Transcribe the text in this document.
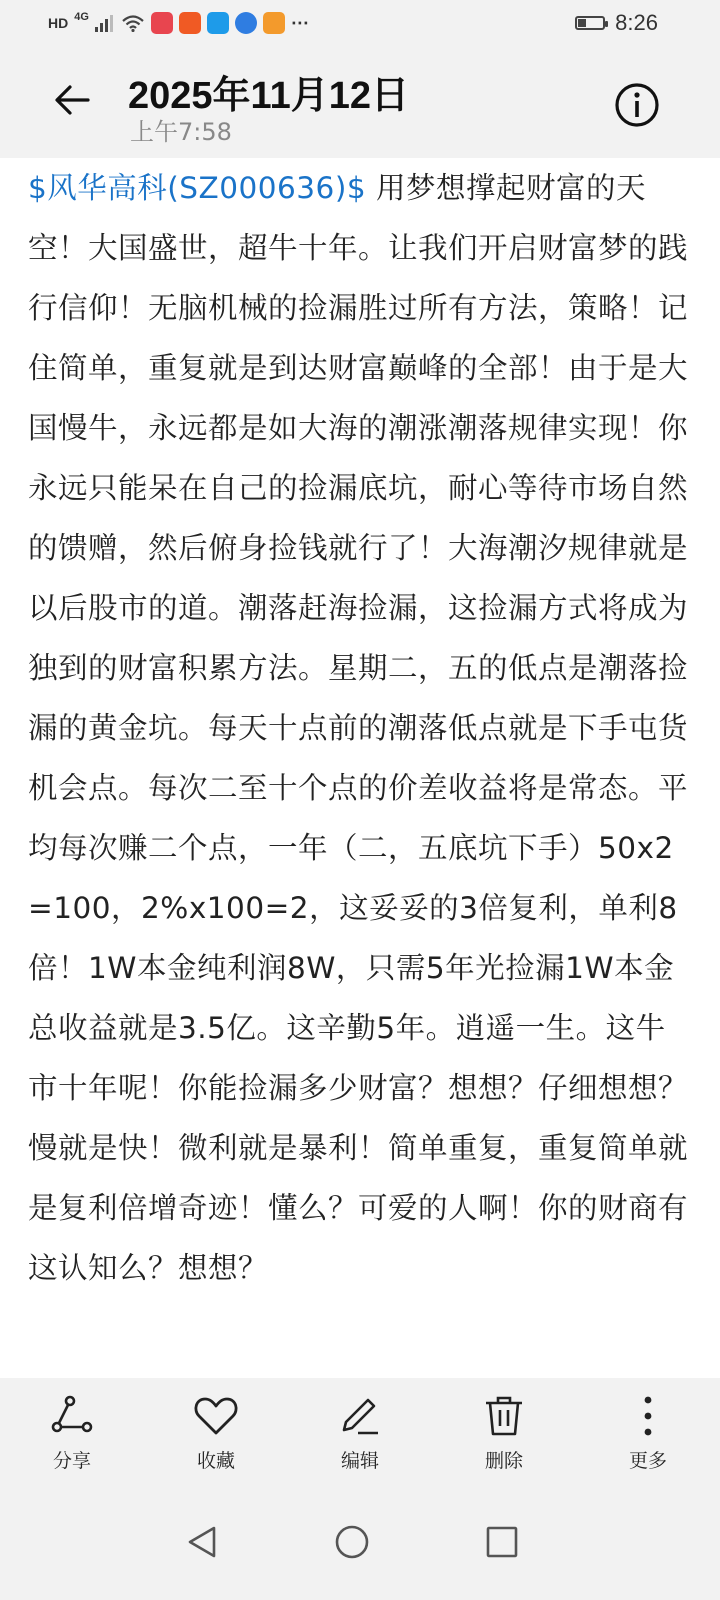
HD 4G	⋯	8:26
2025年11月12日
上午7:58

$风华高科(SZ000636)$ 用梦想撑起财富的天空！大国盛世，超牛十年。让我们开启财富梦的践行信仰！无脑机械的捡漏胜过所有方法，策略！记住简单，重复就是到达财富巅峰的全部！由于是大国慢牛，永远都是如大海的潮涨潮落规律实现！你永远只能呆在自己的捡漏底坑，耐心等待市场自然的馈赠，然后俯身捡钱就行了！大海潮汐规律就是以后股市的道。潮落赶海捡漏，这捡漏方式将成为独到的财富积累方法。星期二，五的低点是潮落捡漏的黄金坑。每天十点前的潮落低点就是下手屯货机会点。每次二至十个点的价差收益将是常态。平均每次赚二个点，一年（二，五底坑下手）50x2=100，2%x100=2，这妥妥的3倍复利，单利8倍！1W本金纯利润8W，只需5年光捡漏1W本金总收益就是3.5亿。这辛勤5年。逍遥一生。这牛市十年呢！你能捡漏多少财富？想想？仔细想想？慢就是快！微利就是暴利！简单重复，重复简单就是复利倍增奇迹！懂么？可爱的人啊！你的财商有这认知么？想想？

分享	收藏	编辑	删除	更多
